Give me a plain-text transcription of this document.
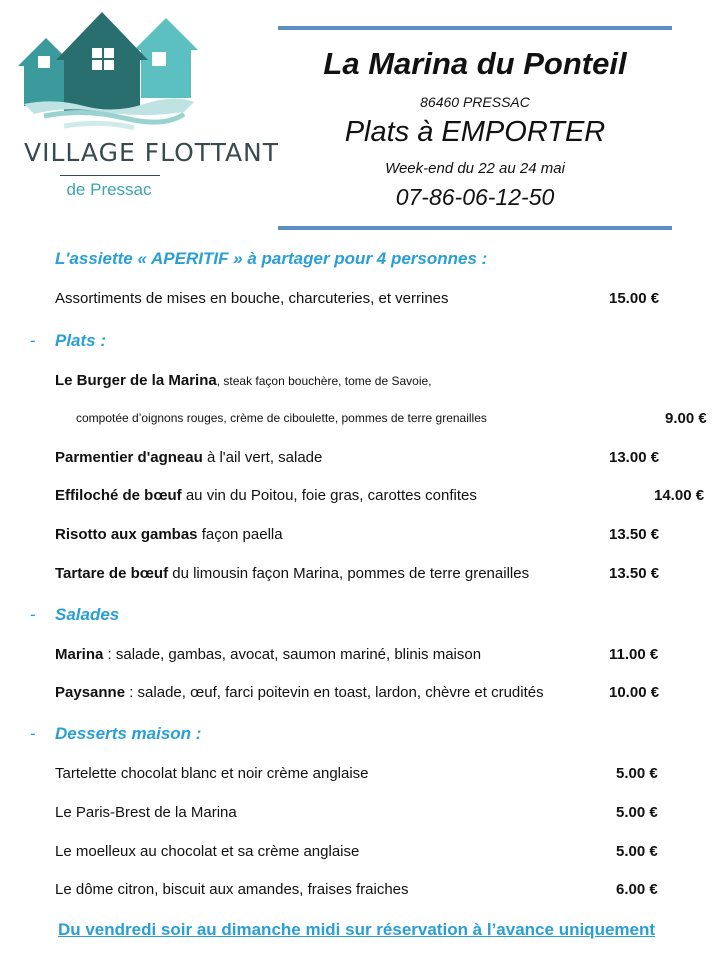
VILLAGE FLOTTANT
de Pressac
La Marina du Ponteil
86460 PRESSAC
Plats à EMPORTER
Week-end du 22 au 24 mai
07-86-06-12-50
L'assiette « APERITIF » à partager pour 4 personnes :
Assortiments de mises en bouche, charcuteries, et verrines	15.00 €
- Plats :
Le Burger de la Marina, steak façon bouchère, tome de Savoie,
compotée d’oignons rouges, crème de ciboulette, pommes de terre grenailles	9.00 €
Parmentier d'agneau à l'ail vert, salade	13.00 €
Effiloché de bœuf au vin du Poitou, foie gras, carottes confites	14.00 €
Risotto aux gambas façon paella	13.50 €
Tartare de bœuf du limousin façon Marina, pommes de terre grenailles	13.50 €
- Salades
Marina : salade, gambas, avocat, saumon mariné, blinis maison	11.00 €
Paysanne : salade, œuf, farci poitevin en toast, lardon, chèvre et crudités	10.00 €
- Desserts maison :
Tartelette chocolat blanc et noir crème anglaise	5.00 €
Le Paris-Brest de la Marina	5.00 €
Le moelleux au chocolat et sa crème anglaise	5.00 €
Le dôme citron, biscuit aux amandes, fraises fraiches	6.00 €
Du vendredi soir au dimanche midi sur réservation à l’avance uniquement
